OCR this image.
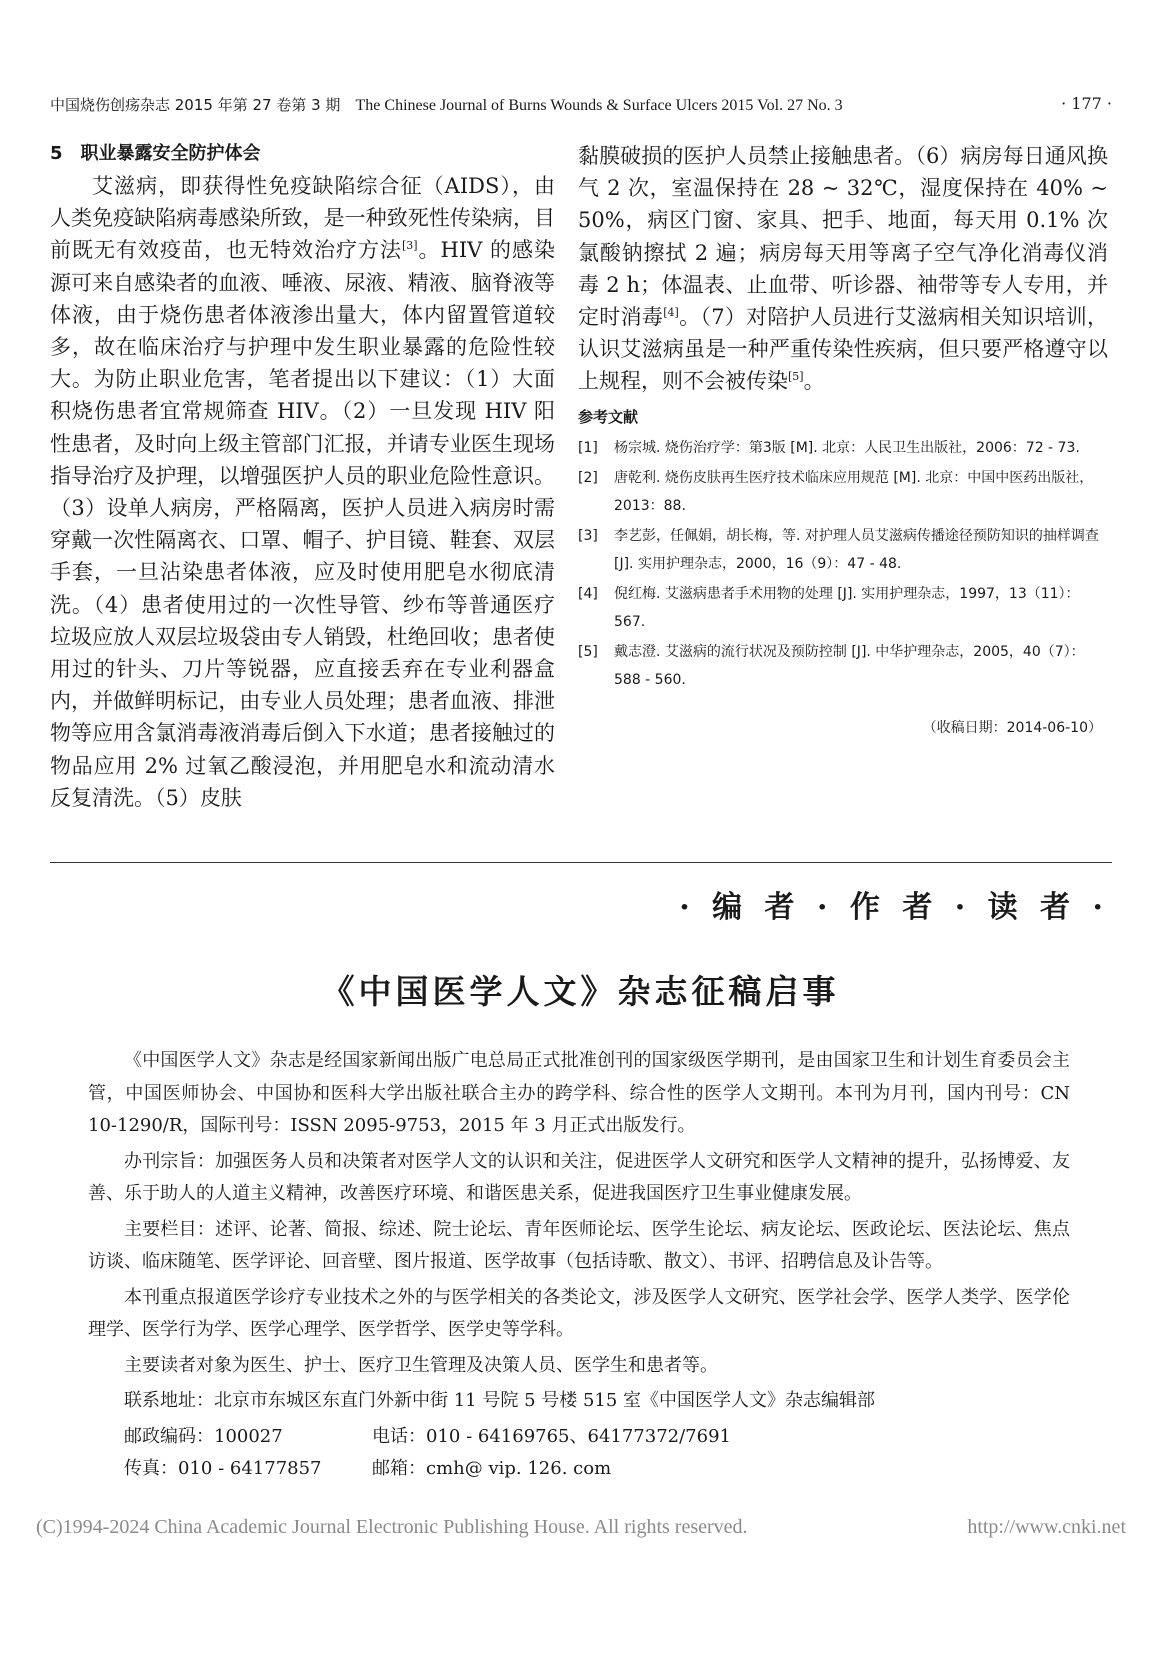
中国烧伤创疡杂志 2015 年第 27 卷第 3 期 The Chinese Journal of Burns Wounds & Surface Ulcers 2015 Vol. 27 No. 3	· 177 ·
5 职业暴露安全防护体会

艾滋病，即获得性免疫缺陷综合征（AIDS），由人类免疫缺陷病毒感染所致，是一种致死性传染病，目前既无有效疫苗，也无特效治疗方法[3]。HIV 的感染源可来自感染者的血液、唾液、尿液、精液、脑脊液等体液，由于烧伤患者体液渗出量大，体内留置管道较多，故在临床治疗与护理中发生职业暴露的危险性较大。为防止职业危害，笔者提出以下建议：（1）大面积烧伤患者宜常规筛查 HIV。（2）一旦发现 HIV 阳性患者，及时向上级主管部门汇报，并请专业医生现场指导治疗及护理，以增强医护人员的职业危险性意识。（3）设单人病房，严格隔离，医护人员进入病房时需穿戴一次性隔离衣、口罩、帽子、护目镜、鞋套、双层手套，一旦沾染患者体液，应及时使用肥皂水彻底清洗。（4）患者使用过的一次性导管、纱布等普通医疗垃圾应放人双层垃圾袋由专人销毁，杜绝回收；患者使用过的针头、刀片等锐器，应直接丢弃在专业利器盒内，并做鲜明标记，由专业人员处理；患者血液、排泄物等应用含氯消毒液消毒后倒入下水道；患者接触过的物品应用 2% 过氧乙酸浸泡，并用肥皂水和流动清水反复清洗。（5）皮肤

黏膜破损的医护人员禁止接触患者。（6）病房每日通风换气 2 次，室温保持在 28 ~ 32℃，湿度保持在 40% ~ 50%，病区门窗、家具、把手、地面，每天用 0.1% 次氯酸钠擦拭 2 遍；病房每天用等离子空气净化消毒仪消毒 2 h；体温表、止血带、听诊器、袖带等专人专用，并定时消毒[4]。（7）对陪护人员进行艾滋病相关知识培训，认识艾滋病虽是一种严重传染性疾病，但只要严格遵守以上规程，则不会被传染[5]。

参考文献
[1] 杨宗城. 烧伤治疗学：第3版 [M]. 北京：人民卫生出版社，2006：72 - 73.
[2] 唐乾利. 烧伤皮肤再生医疗技术临床应用规范 [M]. 北京：中国中医药出版社，2013：88.
[3] 李艺彭，任佩娟，胡长梅，等. 对护理人员艾滋病传播途径预防知识的抽样调查 [J]. 实用护理杂志，2000，16（9）：47 - 48.
[4] 倪红梅. 艾滋病患者手术用物的处理 [J]. 实用护理杂志，1997，13（11）：567.
[5] 戴志澄. 艾滋病的流行状况及预防控制 [J]. 中华护理杂志，2005，40（7）：588 - 560.
（收稿日期：2014-06-10）
· 编 者 · 作 者 · 读 者 ·
《中国医学人文》杂志征稿启事

《中国医学人文》杂志是经国家新闻出版广电总局正式批准创刊的国家级医学期刊，是由国家卫生和计划生育委员会主管，中国医师协会、中国协和医科大学出版社联合主办的跨学科、综合性的医学人文期刊。本刊为月刊，国内刊号：CN 10-1290/R，国际刊号：ISSN 2095-9753，2015 年 3 月正式出版发行。

办刊宗旨：加强医务人员和决策者对医学人文的认识和关注，促进医学人文研究和医学人文精神的提升，弘扬博爱、友善、乐于助人的人道主义精神，改善医疗环境、和谐医患关系，促进我国医疗卫生事业健康发展。

主要栏目：述评、论著、简报、综述、院士论坛、青年医师论坛、医学生论坛、病友论坛、医政论坛、医法论坛、焦点访谈、临床随笔、医学评论、回音壁、图片报道、医学故事（包括诗歌、散文）、书评、招聘信息及讣告等。

本刊重点报道医学诊疗专业技术之外的与医学相关的各类论文，涉及医学人文研究、医学社会学、医学人类学、医学伦理学、医学行为学、医学心理学、医学哲学、医学史等学科。

主要读者对象为医生、护士、医疗卫生管理及决策人员、医学生和患者等。

联系地址：北京市东城区东直门外新中街 11 号院 5 号楼 515 室《中国医学人文》杂志编辑部

邮政编码：100027	电话：010 - 64169765、64177372/7691
传真：010 - 64177857	邮箱：cmh@ vip. 126. com
(C)1994-2024 China Academic Journal Electronic Publishing House. All rights reserved.	http://www.cnki.net
